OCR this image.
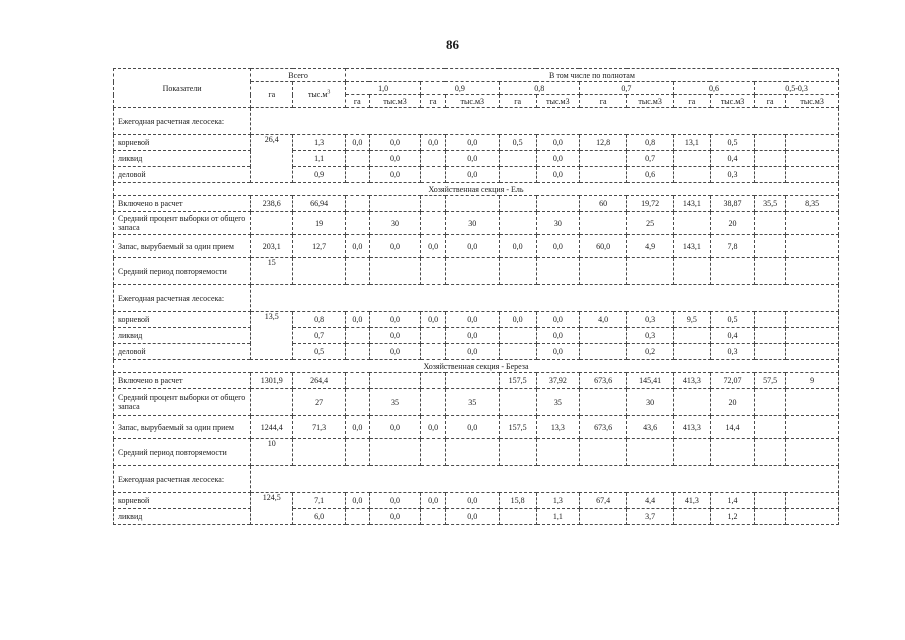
86
Показатели	Всего		В том числе по полнотам											
	га	$тыс.м^3$	1,0		0,9		0,8		0,7		0,6		0,5-0,3	
			га	тыс.м3	га	тыс.м3	га	тыс.м3	га	тыс.м3	га	тыс.м3	га	тыс.м3
Ежегодная расчетная лесосека:														
корневой	26,4	1,3	0,0	0,0	0,0	0,0	0,5	0,0	12,8	0,8	13,1	0,5		
ликвид		1,1		0,0		0,0		0,0		0,7		0,4		
деловой		0,9		0,0		0,0		0,0		0,6		0,3		
Хозяйственная секция - Ель														
Включено в расчет	238,6	66,94							60	19,72	143,1	38,87	35,5	8,35
Средний процент выборки от общего запаса		19		30		30		30		25		20		
Запас, вырубаемый за один прием	203,1	12,7	0,0	0,0	0,0	0,0	0,0	0,0	60,0	4,9	143,1	7,8		
Средний период повторяемости	15													
Ежегодная расчетная лесосека:														
корневой	13,5	0,8	0,0	0,0	0,0	0,0	0,0	0,0	4,0	0,3	9,5	0,5		
ликвид		0,7		0,0		0,0		0,0		0,3		0,4		
деловой		0,5		0,0		0,0		0,0		0,2		0,3		
Хозяйственная секция - Береза														
Включено в расчет	1301,9	264,4					157,5	37,92	673,6	145,41	413,3	72,07	57,5	9
Средний процент выборки от общего запаса		27		35		35		35		30		20		
Запас, вырубаемый за один прием	1244,4	71,3	0,0	0,0	0,0	0,0	157,5	13,3	673,6	43,6	413,3	14,4		
Средний период повторяемости	10													
Ежегодная расчетная лесосека:														
корневой	124,5	7,1	0,0	0,0	0,0	0,0	15,8	1,3	67,4	4,4	41,3	1,4		
ликвид		6,0		0,0		0,0		1,1		3,7		1,2		
